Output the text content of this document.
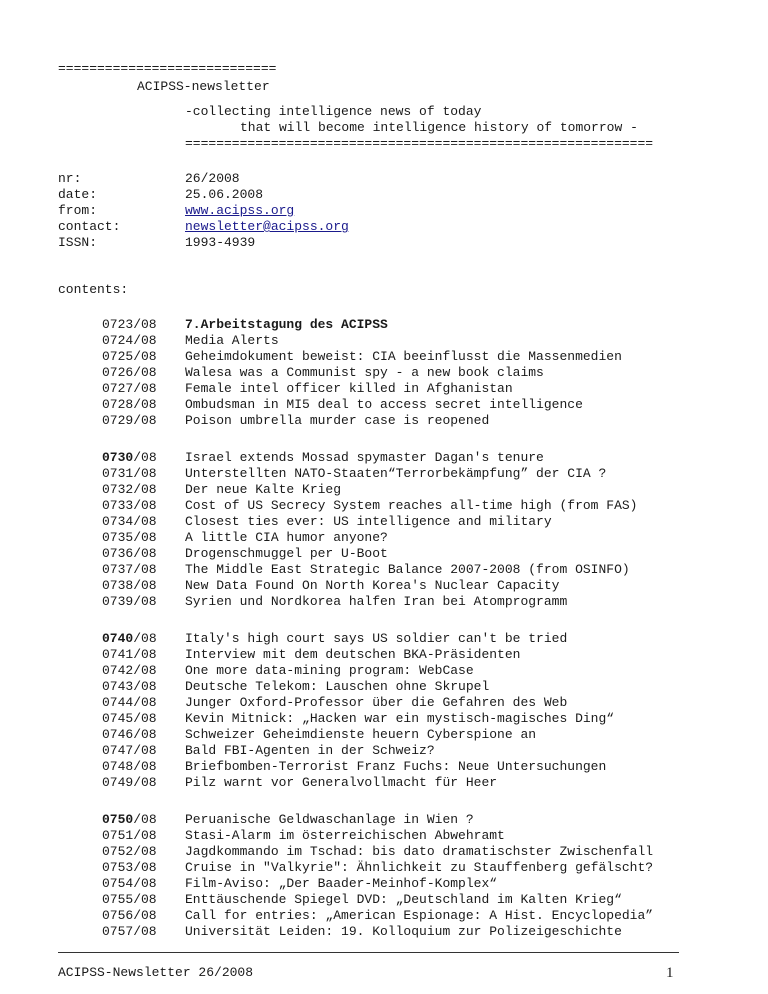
============================
ACIPSS-newsletter
-collecting intelligence news of today
that will become intelligence history of tomorrow -
============================================================
nr:	26/2008
date:	25.06.2008
from:	www.acipss.org
contact:	newsletter@acipss.org
ISSN:	1993-4939
contents:
0723/08 7.Arbeitstagung des ACIPSS
0724/08 Media Alerts
0725/08 Geheimdokument beweist: CIA beeinflusst die Massenmedien
0726/08 Walesa was a Communist spy - a new book claims
0727/08 Female intel officer killed in Afghanistan
0728/08 Ombudsman in MI5 deal to access secret intelligence
0729/08 Poison umbrella murder case is reopened
0730/08 Israel extends Mossad spymaster Dagan's tenure
0731/08 Unterstellten NATO-Staaten“Terrorbekämpfung” der CIA ?
0732/08 Der neue Kalte Krieg
0733/08 Cost of US Secrecy System reaches all-time high (from FAS)
0734/08 Closest ties ever: US intelligence and military
0735/08 A little CIA humor anyone?
0736/08 Drogenschmuggel per U-Boot
0737/08 The Middle East Strategic Balance 2007-2008 (from OSINFO)
0738/08 New Data Found On North Korea's Nuclear Capacity
0739/08 Syrien und Nordkorea halfen Iran bei Atomprogramm
0740/08 Italy's high court says US soldier can't be tried
0741/08 Interview mit dem deutschen BKA-Präsidenten
0742/08 One more data-mining program: WebCase
0743/08 Deutsche Telekom: Lauschen ohne Skrupel
0744/08 Junger Oxford-Professor über die Gefahren des Web
0745/08 Kevin Mitnick: „Hacken war ein mystisch-magisches Ding“
0746/08 Schweizer Geheimdienste heuern Cyberspione an
0747/08 Bald FBI-Agenten in der Schweiz?
0748/08 Briefbomben-Terrorist Franz Fuchs: Neue Untersuchungen
0749/08 Pilz warnt vor Generalvollmacht für Heer
0750/08 Peruanische Geldwaschanlage in Wien ?
0751/08 Stasi-Alarm im österreichischen Abwehramt
0752/08 Jagdkommando im Tschad: bis dato dramatischster Zwischenfall
0753/08 Cruise in "Valkyrie": Ähnlichkeit zu Stauffenberg gefälscht?
0754/08 Film-Aviso: „Der Baader-Meinhof-Komplex“
0755/08 Enttäuschende Spiegel DVD: „Deutschland im Kalten Krieg“
0756/08 Call for entries: „American Espionage: A Hist. Encyclopedia”
0757/08 Universität Leiden: 19. Kolloquium zur Polizeigeschichte
ACIPSS-Newsletter 26/2008	1
